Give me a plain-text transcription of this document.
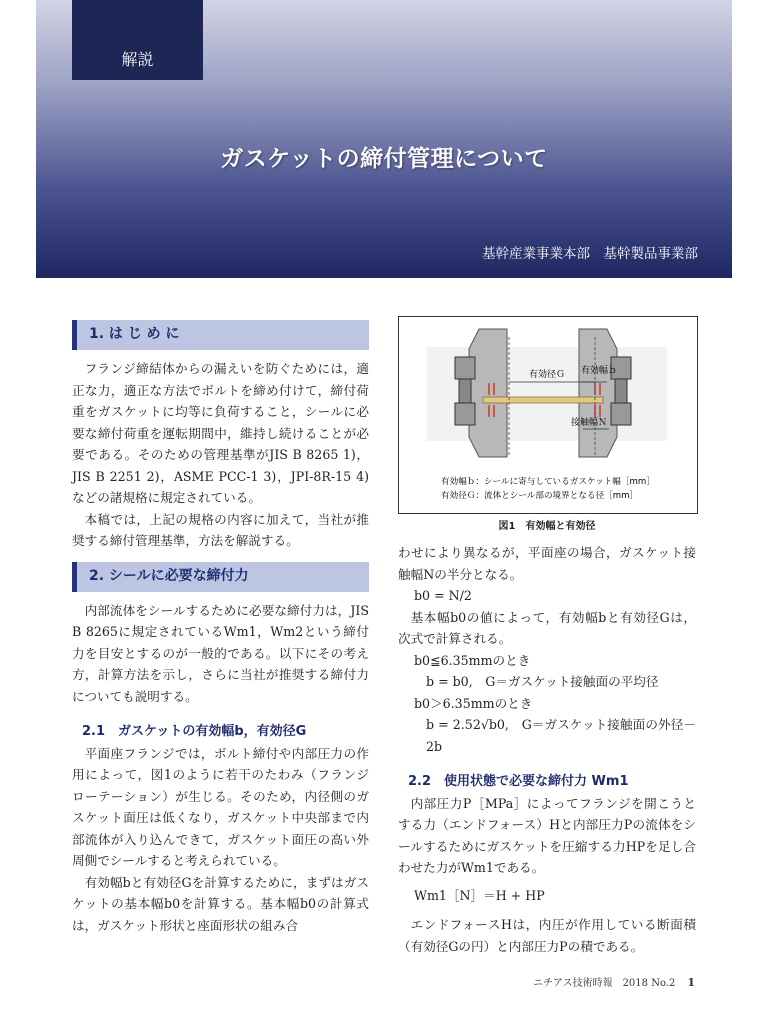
解説
ガスケットの締付管理について
基幹産業事業本部　基幹製品事業部
1. は じ め に

フランジ締結体からの漏えいを防ぐためには，適正な力，適正な方法でボルトを締め付けて，締付荷重をガスケットに均等に負荷すること，シールに必要な締付荷重を運転期間中，維持し続けることが必要である。そのための管理基準がJIS B 8265 1)，JIS B 2251 2)，ASME PCC-1 3)，JPI-8R-15 4) などの諸規格に規定されている。

本稿では，上記の規格の内容に加えて，当社が推奨する締付管理基準，方法を解説する。

2. シールに必要な締付力

内部流体をシールするために必要な締付力は，JIS B 8265に規定されているWm1，Wm2という締付力を目安とするのが一般的である。以下にその考え方，計算方法を示し，さらに当社が推奨する締付力についても説明する。

2.1　ガスケットの有効幅b，有効径G

平面座フランジでは，ボルト締付や内部圧力の作用によって，図1のように若干のたわみ（フランジローテーション）が生じる。そのため，内径側のガスケット面圧は低くなり，ガスケット中央部まで内部流体が入り込んできて，ガスケット面圧の高い外周側でシールすると考えられている。

有効幅bと有効径Gを計算するために，まずはガスケットの基本幅b0を計算する。基本幅b0の計算式は，ガスケット形状と座面形状の組み合

有効径Ｇ 有効幅ｂ
接触幅Ｎ
有効幅ｂ：シールに寄与しているガスケット幅［mm］
有効径Ｇ：流体とシール部の境界となる径［mm］
図1　有効幅と有効径

わせにより異なるが，平面座の場合，ガスケット接触幅Nの半分となる。

b0 = N/2

基本幅b0の値によって，有効幅bと有効径Gは，次式で計算される。

b0≦6.35mmのとき

b = b0,　G＝ガスケット接触面の平均径

b0＞6.35mmのとき

b = 2.52√b0,　G＝ガスケット接触面の外径－2b

2.2　使用状態で必要な締付力 Wm1

内部圧力P［MPa］によってフランジを開こうとする力（エンドフォース）Hと内部圧力Pの流体をシールするためにガスケットを圧縮する力HPを足し合わせた力がWm1である。

Wm1［N］＝H + HP

エンドフォースHは，内圧が作用している断面積（有効径Gの円）と内部圧力Pの積である。

ニチアス技術時報　2018 No.2 1
